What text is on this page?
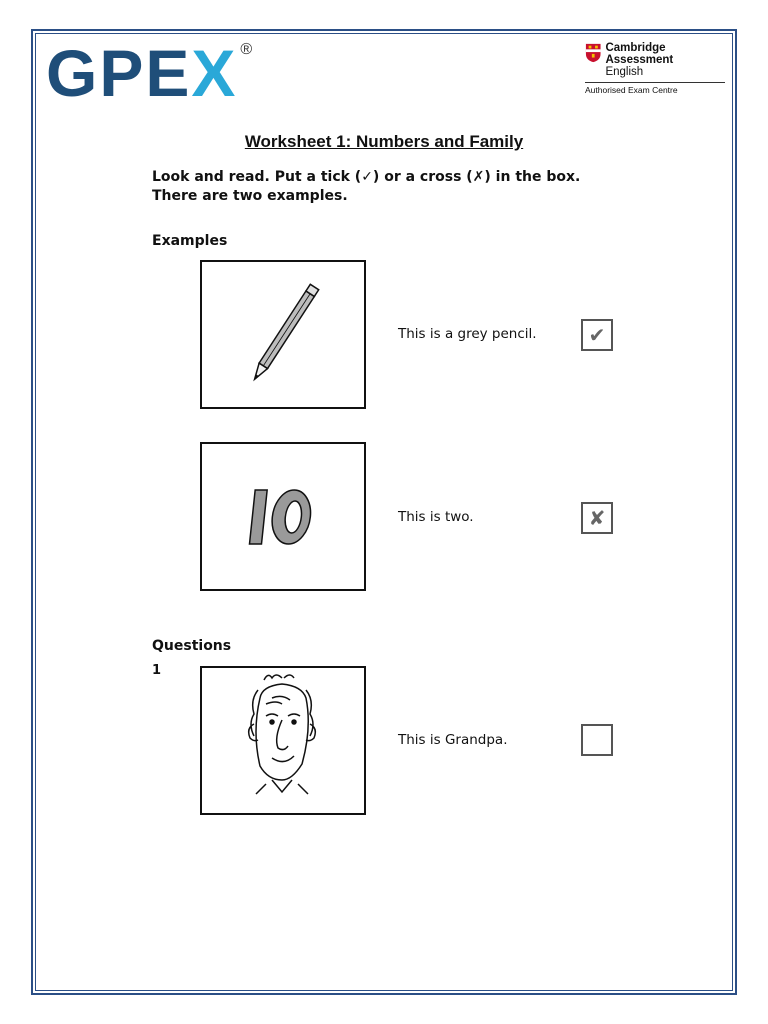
GPEX ®	Cambridge Assessment
English
Authorised Exam Centre
Worksheet 1: Numbers and Family
Look and read. Put a tick (✓) or a cross (✗) in the box.
There are two examples.
Examples
This is a grey pencil.	✔
This is two.	✘
Questions
1
This is Grandpa.
